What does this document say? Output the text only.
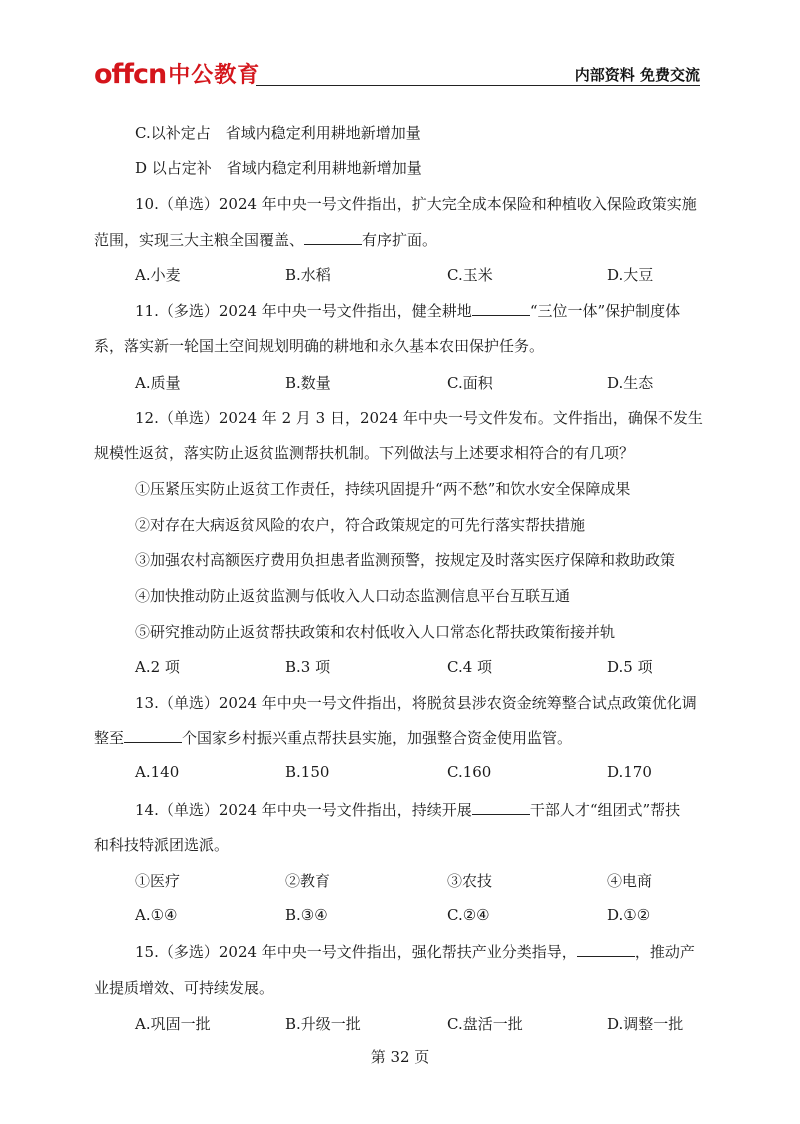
offcn 中公教育	内部资料 免费交流
C.以补定占　省域内稳定利用耕地新增加量
D 以占定补　省域内稳定利用耕地新增加量
10.（单选）2024 年中央一号文件指出，扩大完全成本保险和种植收入保险政策实施
范围，实现三大主粮全国覆盖、	有序扩面。
A.小麦	B.水稻	C.玉米	D.大豆
11.（多选）2024 年中央一号文件指出，健全耕地	“三位一体”保护制度体
系，落实新一轮国土空间规划明确的耕地和永久基本农田保护任务。
A.质量	B.数量	C.面积	D.生态
12.（单选）2024 年 2 月 3 日，2024 年中央一号文件发布。文件指出，确保不发生
规模性返贫，落实防止返贫监测帮扶机制。下列做法与上述要求相符合的有几项？
①压紧压实防止返贫工作责任，持续巩固提升“两不愁”和饮水安全保障成果
②对存在大病返贫风险的农户，符合政策规定的可先行落实帮扶措施
③加强农村高额医疗费用负担患者监测预警，按规定及时落实医疗保障和救助政策
④加快推动防止返贫监测与低收入人口动态监测信息平台互联互通
⑤研究推动防止返贫帮扶政策和农村低收入人口常态化帮扶政策衔接并轨
A.2 项	B.3 项	C.4 项	D.5 项
13.（单选）2024 年中央一号文件指出，将脱贫县涉农资金统筹整合试点政策优化调
整至	个国家乡村振兴重点帮扶县实施，加强整合资金使用监管。
A.140	B.150	C.160	D.170
14.（单选）2024 年中央一号文件指出，持续开展	干部人才“组团式”帮扶
和科技特派团选派。
①医疗	②教育	③农技	④电商
A.①④	B.③④	C.②④	D.①②
15.（多选）2024 年中央一号文件指出，强化帮扶产业分类指导，	，推动产
业提质增效、可持续发展。
A.巩固一批	B.升级一批	C.盘活一批	D.调整一批
第 32 页
